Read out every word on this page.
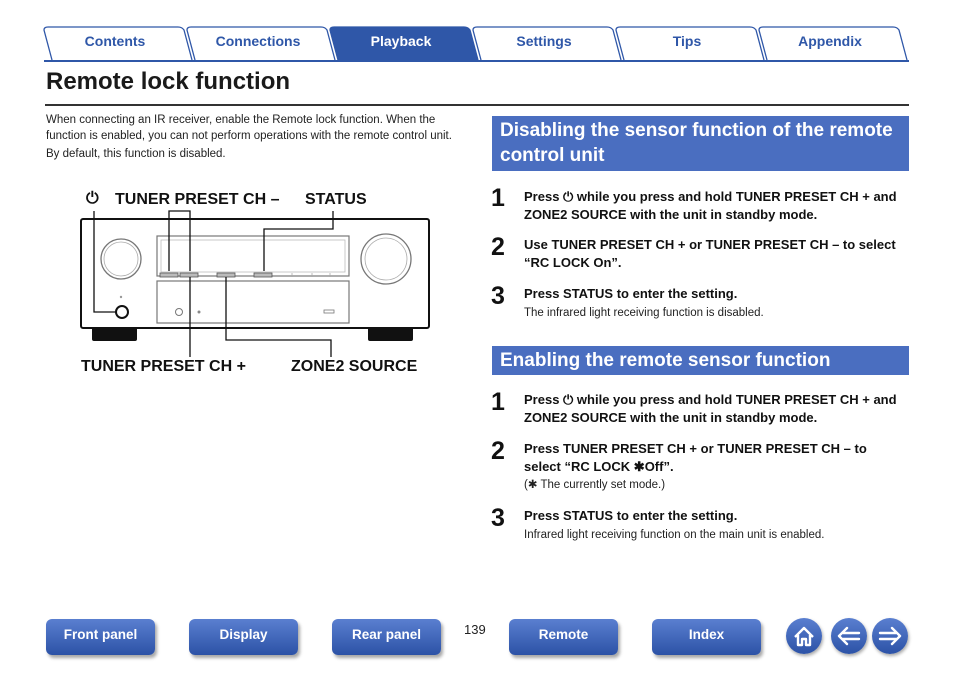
Contents	Connections	Playback	Settings	Tips	Appendix
Remote lock function

When connecting an IR receiver, enable the Remote lock function. When the function is enabled, you can not perform operations with the remote control unit.

By default, this function is disabled.

⏻ TUNER PRESET CH – STATUS
TUNER PRESET CH +	ZONE2 SOURCE
Disabling the sensor function of the remote control unit
1 Press ⏻ while you press and hold TUNER PRESET CH + and ZONE2 SOURCE with the unit in standby mode.
2 Use TUNER PRESET CH + or TUNER PRESET CH – to select “RC LOCK On”.
3 Press STATUS to enter the setting.
The infrared light receiving function is disabled.
Enabling the remote sensor function
1 Press ⏻ while you press and hold TUNER PRESET CH + and ZONE2 SOURCE with the unit in standby mode.
2 Press TUNER PRESET CH + or TUNER PRESET CH – to select “RC LOCK ✱Off”.
(✱ The currently set mode.)
3 Press STATUS to enter the setting.
Infrared light receiving function on the main unit is enabled.
Front panel	Display	Rear panel	139	Remote	Index
